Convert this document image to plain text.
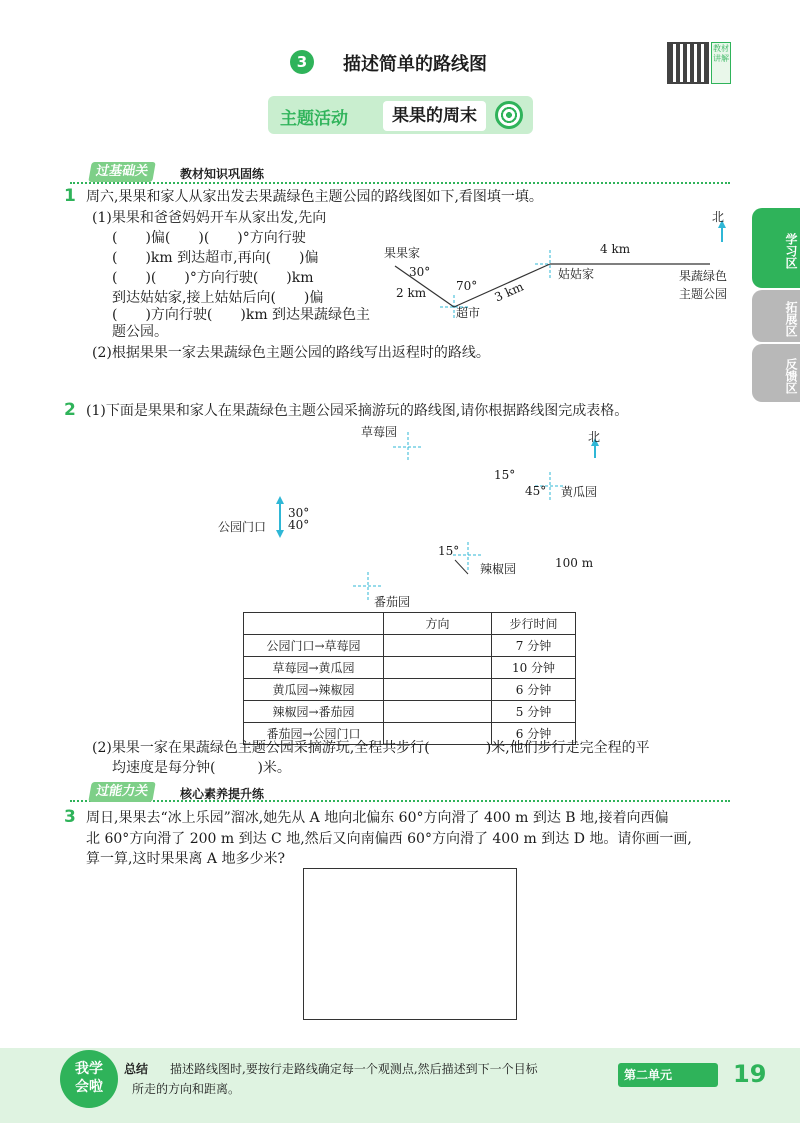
3	描述简单的路线图
教材讲解
主题活动	果果的周末
学习区
拓展区
反馈区
过基础关	教材知识巩固练
1 周六,果果和家人从家出发去果蔬绿色主题公园的路线图如下,看图填一填。
(1)果果和爸爸妈妈开车从家出发,先向
(　　)偏(　　)(　　)°方向行驶
(　　)km 到达超市,再向(　　)偏
(　　)(　　)°方向行驶(　　)km
到达姑姑家,接上姑姑后向(　　)偏
(　　)方向行驶(　　)km 到达果蔬绿色主
题公园。
(2)根据果果一家去果蔬绿色主题公园的路线写出返程时的路线。
北
果果家
30°
2 km 70°
超市
3 km
姑姑家
4 km
果蔬绿色
主题公园
2 (1)下面是果果和家人在果蔬绿色主题公园采摘游玩的路线图,请你根据路线图完成表格。
北
草莓园
15°
45° 黄瓜园
30°
公园门口 40°
15°
辣椒园	100 m
番茄园
	方向	步行时间
公园门口→草莓园		7 分钟
草莓园→黄瓜园		10 分钟
黄瓜园→辣椒园		6 分钟
辣椒园→番茄园		5 分钟
番茄园→公园门口		6 分钟
(2)果果一家在果蔬绿色主题公园采摘游玩,全程共步行(　　　　)米,他们步行走完全程的平
均速度是每分钟(　　　)米。
过能力关	核心素养提升练
3 周日,果果去“冰上乐园”溜冰,她先从 A 地向北偏东 60°方向滑了 400 m 到达 B 地,接着向西偏
北 60°方向滑了 200 m 到达 C 地,然后又向南偏西 60°方向滑了 400 m 到达 D 地。请你画一画,
算一算,这时果果离 A 地多少米?
我学
会啦
总结 描述路线图时,要按行走路线确定每一个观测点,然后描述到下一个目标
所走的方向和距离。
第二单元	19
